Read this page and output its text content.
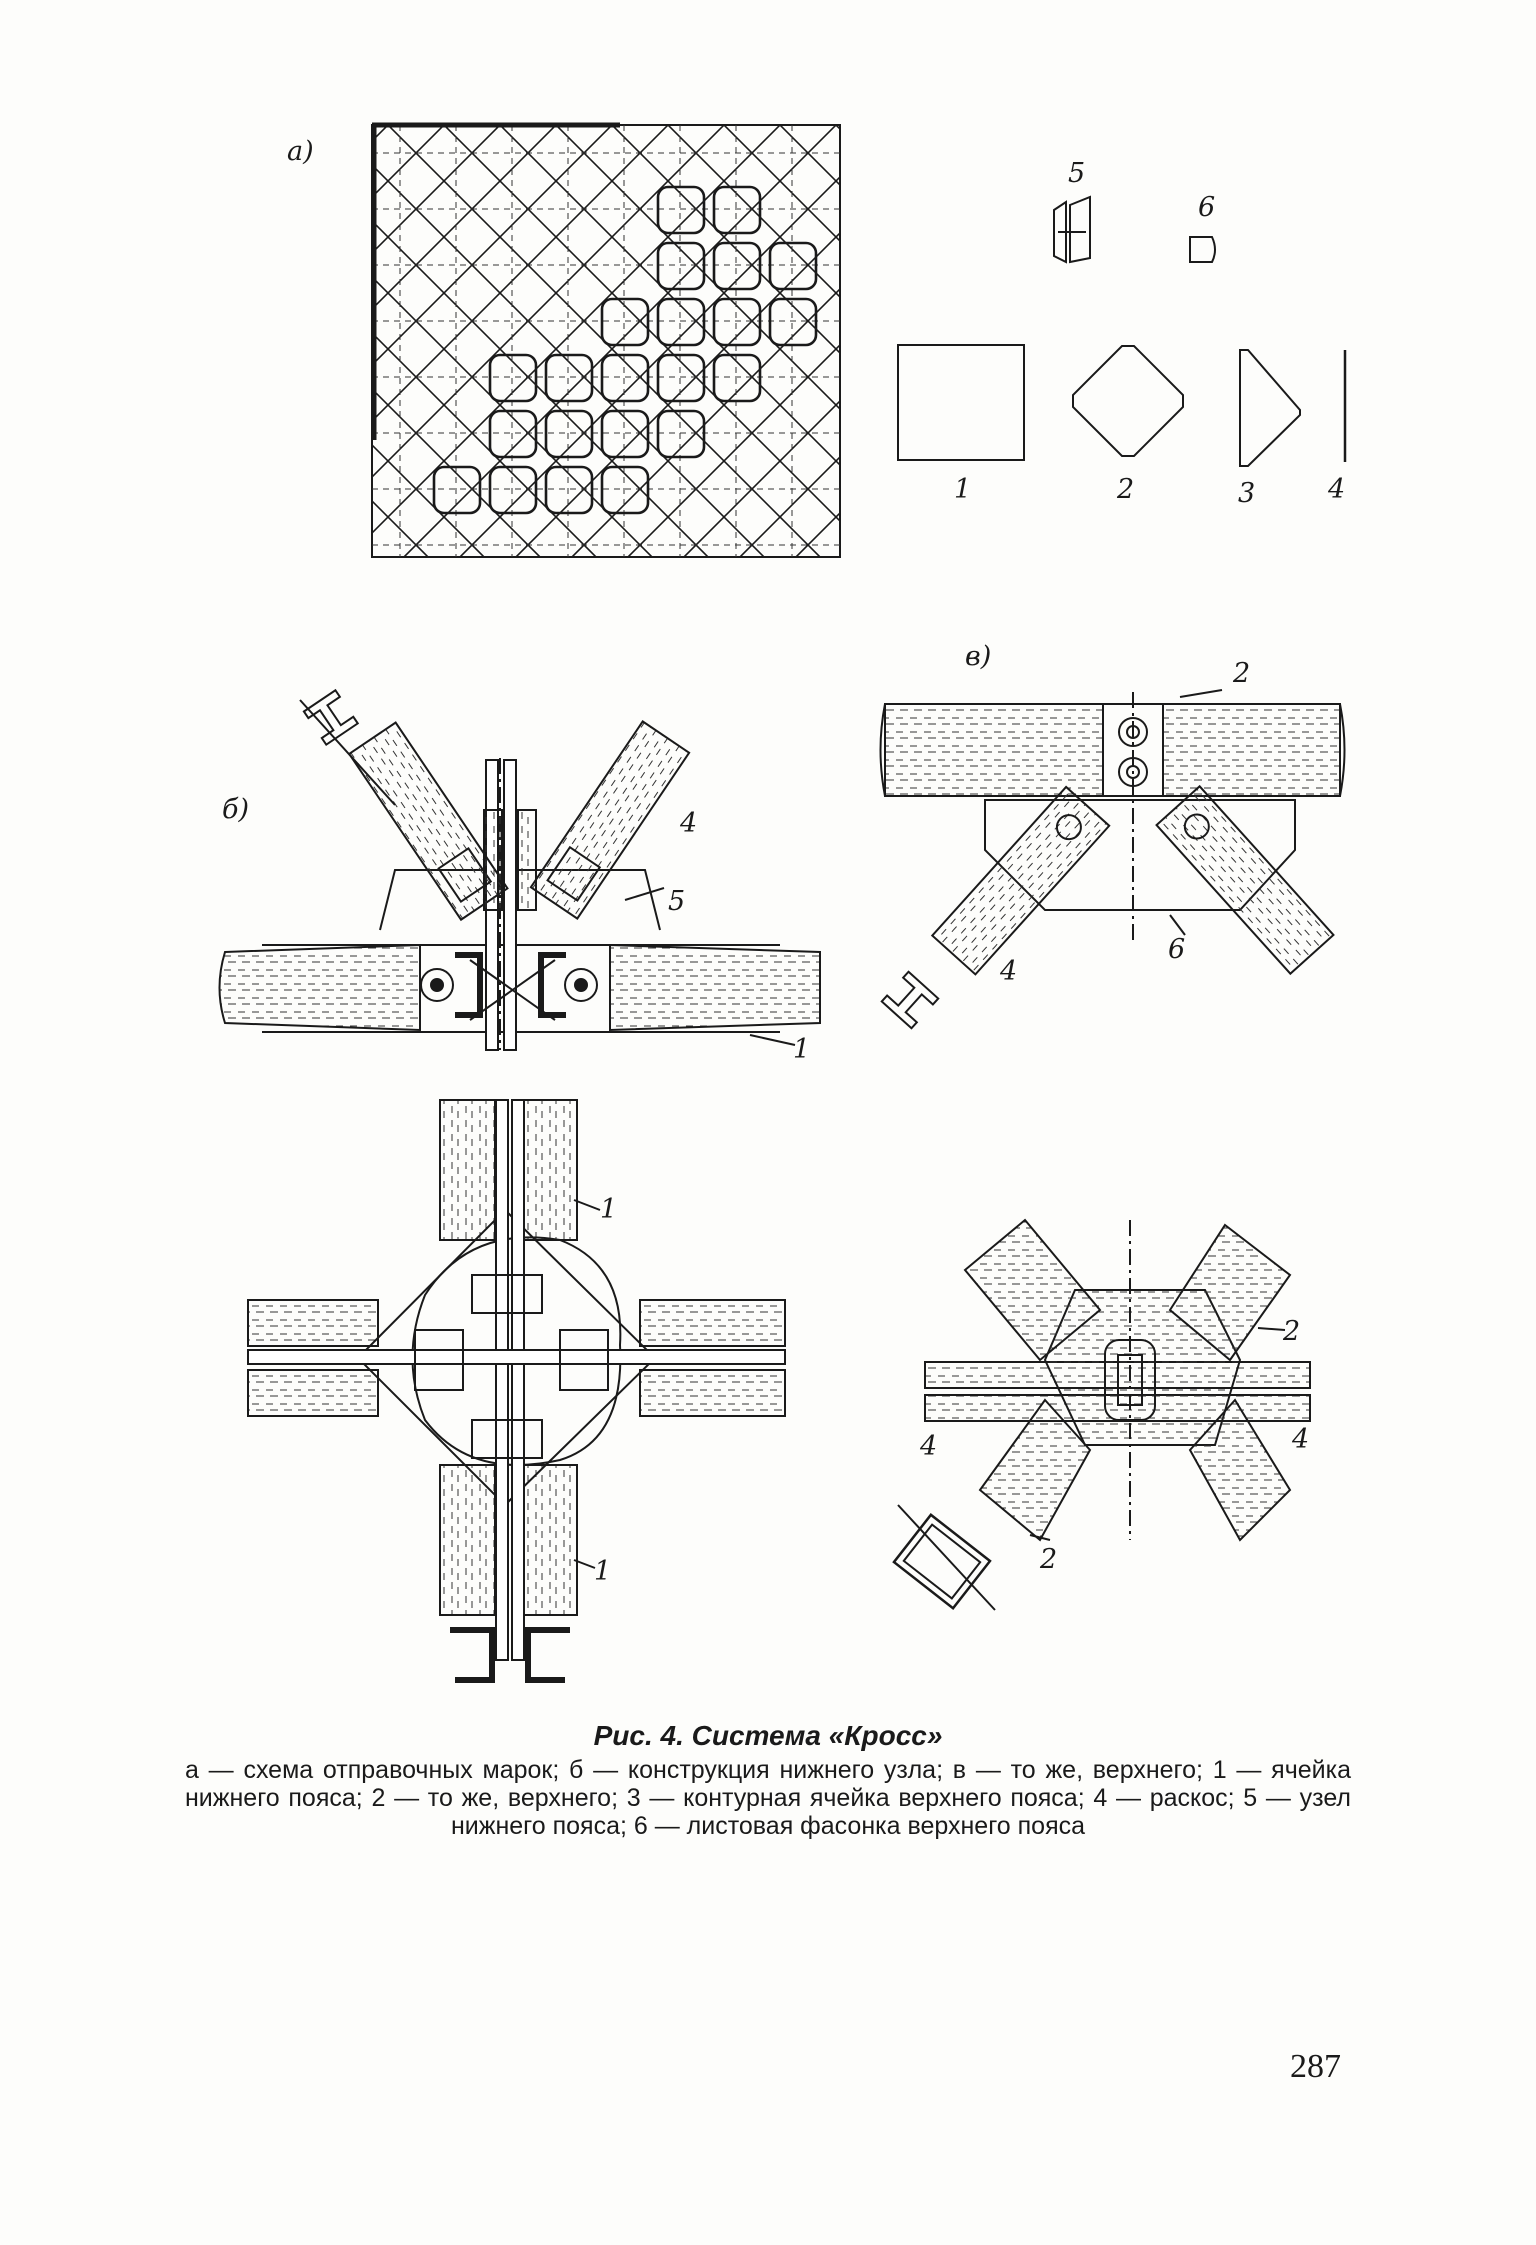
а)
5
6
1	2	3	4
б)	4
5
1
в)
2
4
6
1
1
2
2
4	4
Рис. 4. Система «Кросс»
а — схема отправочных марок; б — конструкция нижнего узла; в — то же, верхнего; 1 — ячейка нижнего пояса; 2 — то же, верхнего; 3 — контурная ячейка верхнего пояса; 4 — раскос; 5 — узел нижнего пояса; 6 — листовая фасонка верхнего пояса
287
